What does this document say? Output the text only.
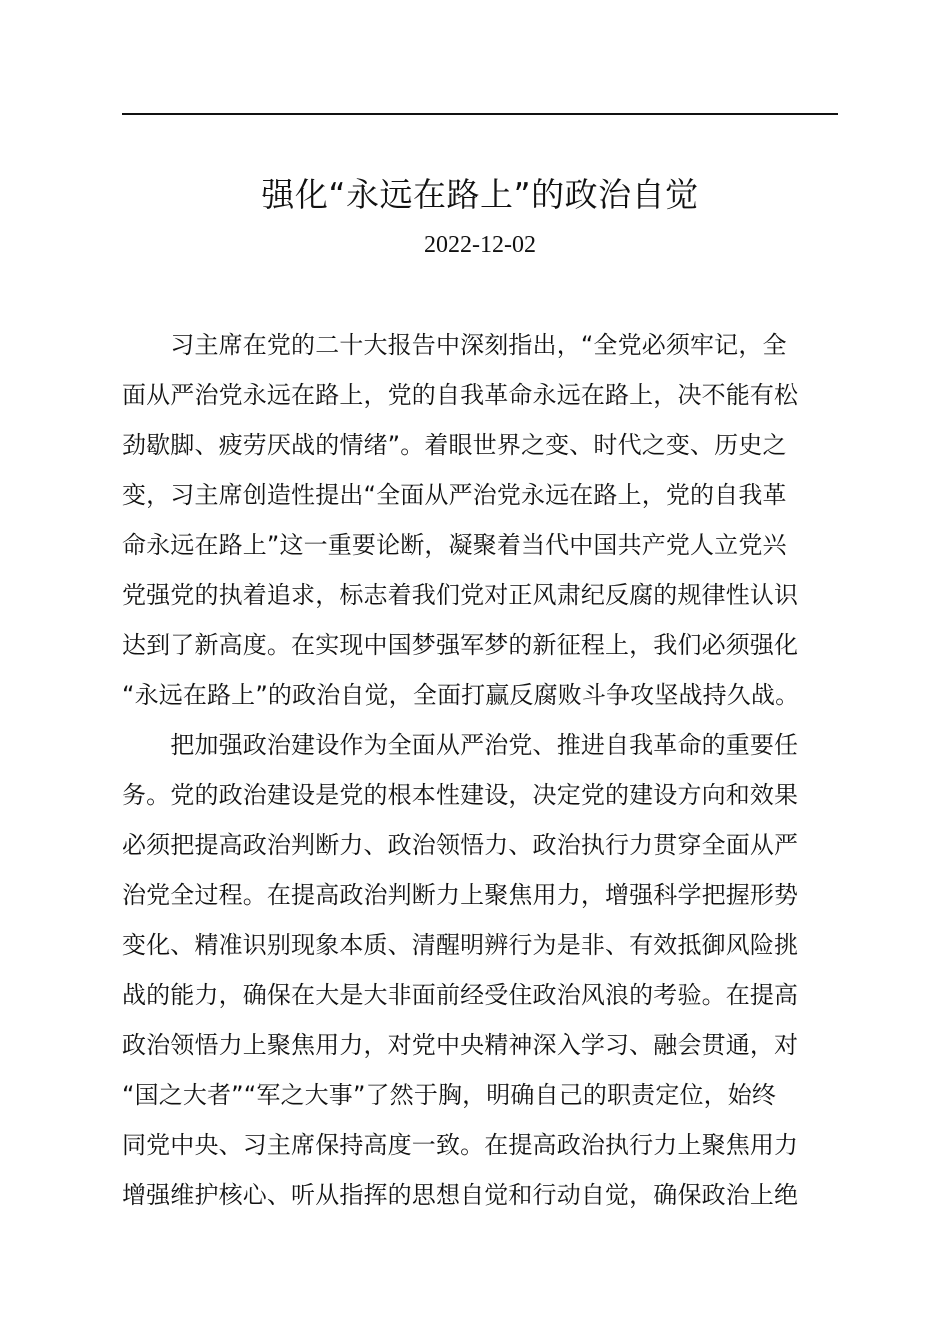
强化“永远在路上”的政治自觉
2022-12-02

　　习主席在党的二十大报告中深刻指出，“全党必须牢记，全
面从严治党永远在路上，党的自我革命永远在路上，决不能有松
劲歇脚、疲劳厌战的情绪”。着眼世界之变、时代之变、历史之
变，习主席创造性提出“全面从严治党永远在路上，党的自我革
命永远在路上”这一重要论断，凝聚着当代中国共产党人立党兴
党强党的执着追求，标志着我们党对正风肃纪反腐的规律性认识
达到了新高度。在实现中国梦强军梦的新征程上，我们必须强化
“永远在路上”的政治自觉，全面打赢反腐败斗争攻坚战持久战。

　　把加强政治建设作为全面从严治党、推进自我革命的重要任
务。党的政治建设是党的根本性建设，决定党的建设方向和效果
必须把提高政治判断力、政治领悟力、政治执行力贯穿全面从严
治党全过程。在提高政治判断力上聚焦用力，增强科学把握形势
变化、精准识别现象本质、清醒明辨行为是非、有效抵御风险挑
战的能力，确保在大是大非面前经受住政治风浪的考验。在提高
政治领悟力上聚焦用力，对党中央精神深入学习、融会贯通，对
“国之大者”“军之大事”了然于胸，明确自己的职责定位，始终
同党中央、习主席保持高度一致。在提高政治执行力上聚焦用力
增强维护核心、听从指挥的思想自觉和行动自觉，确保政治上绝
